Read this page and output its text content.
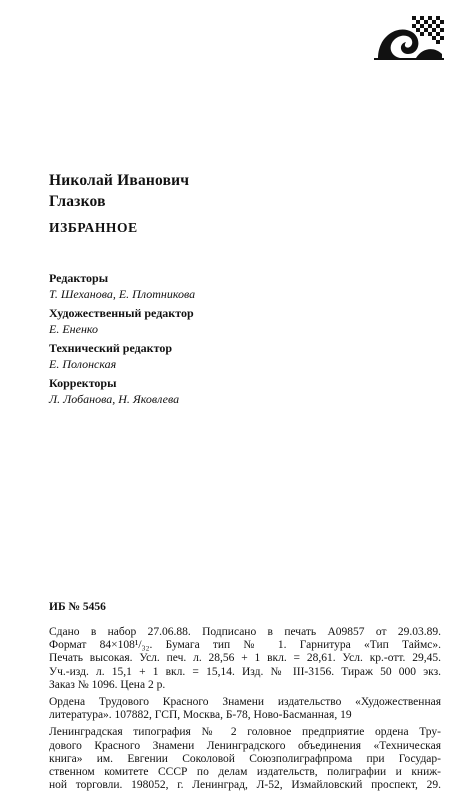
Николай Иванович
Глазков
ИЗБРАННОЕ
Редакторы
Т. Шеханова, Е. Плотникова
Художественный редактор
Е. Ененко
Технический редактор
Е. Полонская
Корректоры
Л. Лобанова, Н. Яковлева
ИБ № 5456
Сдано в набор 27.06.88. Подписано в печать А09857 от 29.03.89.
Формат 84×108¹/₃₂. Бумага тип № 1. Гарнитура «Тип Таймс».
Печать высокая. Усл. печ. л. 28,56 + 1 вкл. = 28,61. Усл. кр.-отт. 29,45.
Уч.-изд. л. 15,1 + 1 вкл. = 15,14. Изд. № III-3156. Тираж 50 000 экз.
Заказ № 1096. Цена 2 р.
Ордена Трудового Красного Знамени издательство «Художественная
литература». 107882, ГСП, Москва, Б-78, Ново-Басманная, 19
Ленинградская типография № 2 головное предприятие ордена Тру-
дового Красного Знамени Ленинградского объединения «Техническая
книга» им. Евгении Соколовой Союзполиграфпрома при Государ-
ственном комитете СССР по делам издательств, полиграфии и книж-
ной торговли. 198052, г. Ленинград, Л-52, Измайловский проспект, 29.
